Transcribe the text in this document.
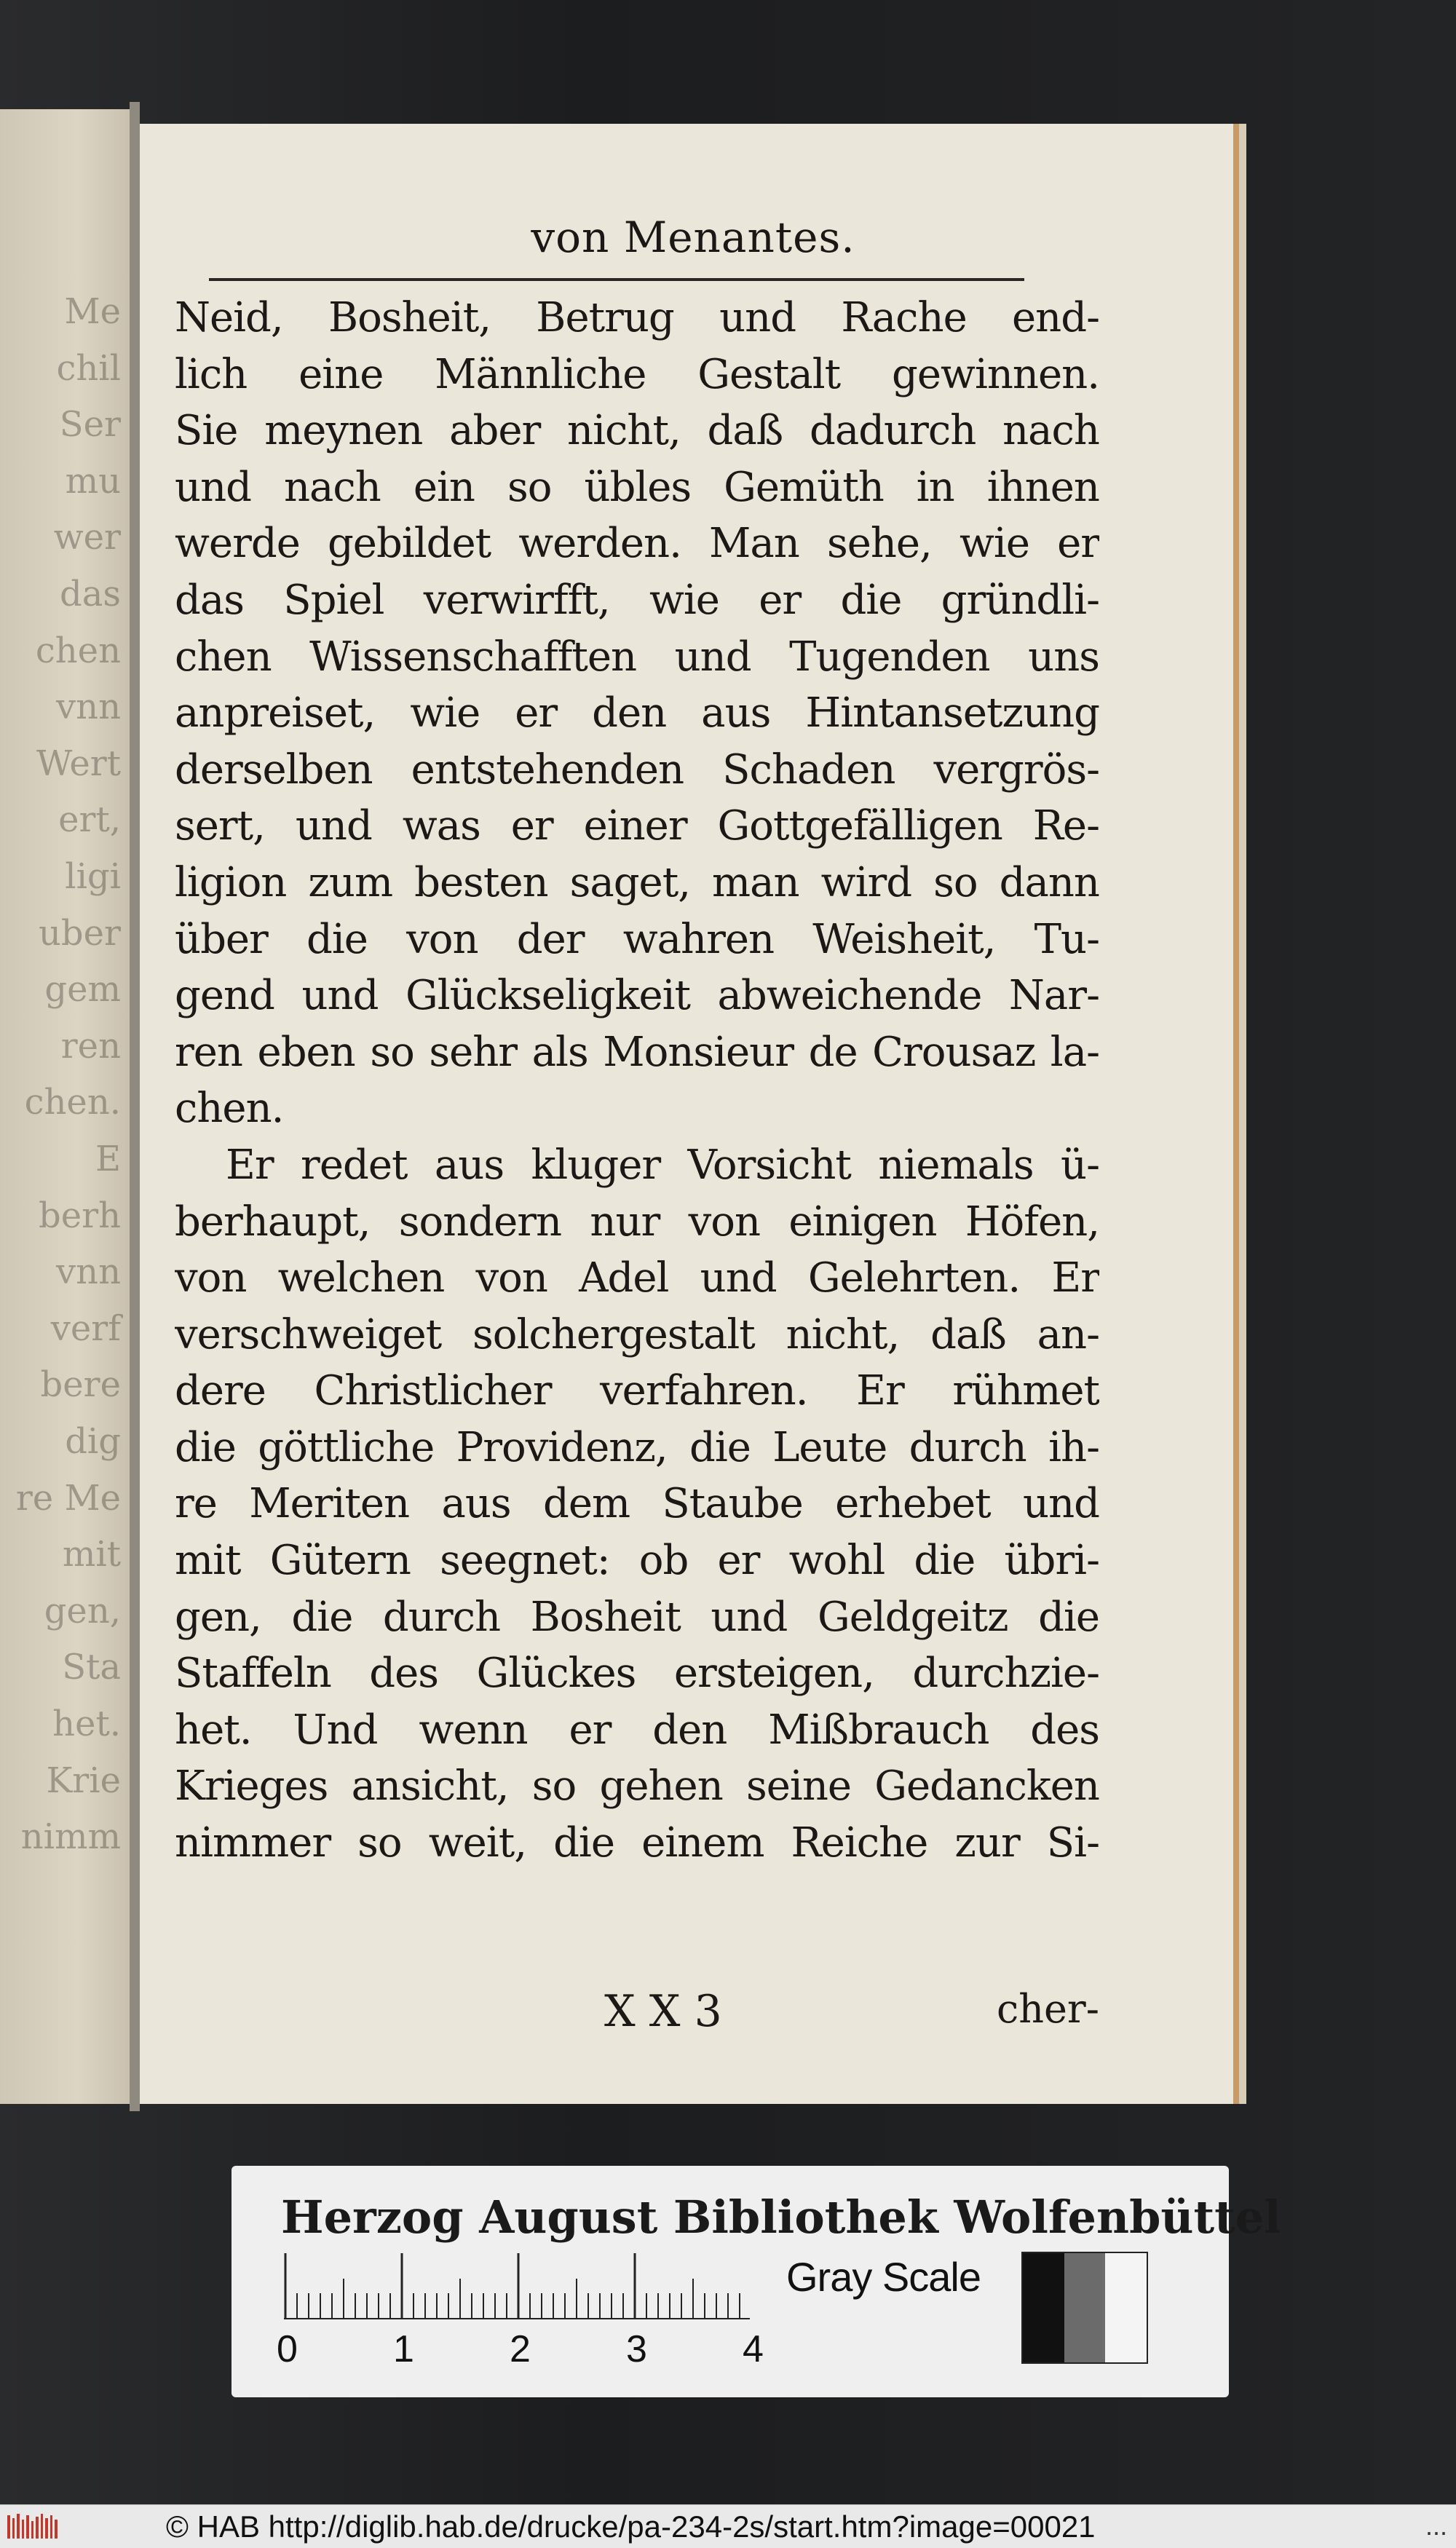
Me
chil
Ser
mu
wer
das
chen
vnn
Wert
ert,
ligi
uber
gem
ren
chen.
E
berh
vnn
verf
bere
dig
re Me
mit
gen,
Sta
het.
Krie
nimm
von Menantes.
Neid, Bosheit, Betrug und Rache end-
lich eine Männliche Gestalt gewinnen.
Sie meynen aber nicht, daß dadurch nach
und nach ein so übles Gemüth in ihnen
werde gebildet werden. Man sehe, wie er
das Spiel verwirfft, wie er die gründli-
chen Wissenschafften und Tugenden uns
anpreiset, wie er den aus Hintansetzung
derselben entstehenden Schaden vergrös-
sert, und was er einer Gottgefälligen Re-
ligion zum besten saget, man wird so dann
über die von der wahren Weisheit, Tu-
gend und Glückseligkeit abweichende Nar-
ren eben so sehr als Monsieur de Crousaz la-
chen.
Er redet aus kluger Vorsicht niemals ü-
berhaupt, sondern nur von einigen Höfen,
von welchen von Adel und Gelehrten. Er
verschweiget solchergestalt nicht, daß an-
dere Christlicher verfahren. Er rühmet
die göttliche Providenz, die Leute durch ih-
re Meriten aus dem Staube erhebet und
mit Gütern seegnet: ob er wohl die übri-
gen, die durch Bosheit und Geldgeitz die
Staffeln des Glückes ersteigen, durchzie-
het. Und wenn er den Mißbrauch des
Krieges ansicht, so gehen seine Gedancken
nimmer so weit, die einem Reiche zur Si-
X X 3	cher-
Herzog August Bibliothek Wolfenbüttel
0	1	2	3	4
Gray Scale
© HAB http://diglib.hab.de/drucke/pa-234-2s/start.htm?image=00021	...
